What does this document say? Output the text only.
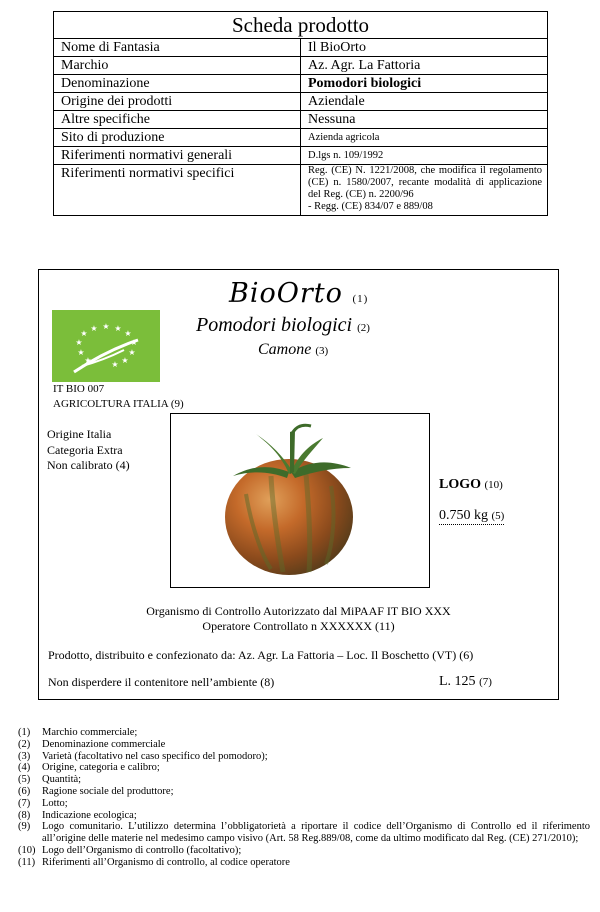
Scheda prodotto	
Nome di Fantasia	Il BioOrto
Marchio	Az. Agr. La Fattoria
Denominazione	Pomodori biologici
Origine dei prodotti	Aziendale
Altre specifiche	Nessuna
Sito di produzione	Azienda agricola
Riferimenti normativi generali	D.lgs n. 109/1992
Riferimenti normativi specifici	Reg. (CE) N. 1221/2008, che modifica il regolamento (CE) n. 1580/2007, recante modalità di applicazione del Reg. (CE) n. 2200/96
- Regg. (CE) 834/07 e 889/08
BioOrto (1)
★ ★
★
★
★
★
★
★
★
★
★ ★
Pomodori biologici (2)
Camone (3)
IT BIO 007
AGRICOLTURA ITALIA (9)
Origine Italia
Categoria Extra
Non calibrato (4)
LOGO (10)
0.750 kg (5)
Organismo di Controllo Autorizzato dal MiPAAF IT BIO XXX
Operatore Controllato n XXXXXX (11)
Prodotto, distribuito e confezionato da: Az. Agr. La Fattoria – Loc. Il Boschetto (VT) (6)
Non disperdere il contenitore nell’ambiente (8)	L. 125 (7)
(1)	Marchio commerciale;
(2)	Denominazione commerciale
(3)	Varietà (facoltativo nel caso specifico del pomodoro);
(4)	Origine, categoria e calibro;
(5)	Quantità;
(6)	Ragione sociale del produttore;
(7)	Lotto;
(8)	Indicazione ecologica;
(9)	Logo comunitario. L’utilizzo determina l’obbligatorietà a riportare il codice dell’Organismo di Controllo ed il riferimento all’origine delle materie nel medesimo campo visivo (Art. 58 Reg.889/08, come da ultimo modificato dal Reg. (CE) 271/2010);
(10) Logo dell’Organismo di controllo (facoltativo);
(11) Riferimenti all’Organismo di controllo, al codice operatore
